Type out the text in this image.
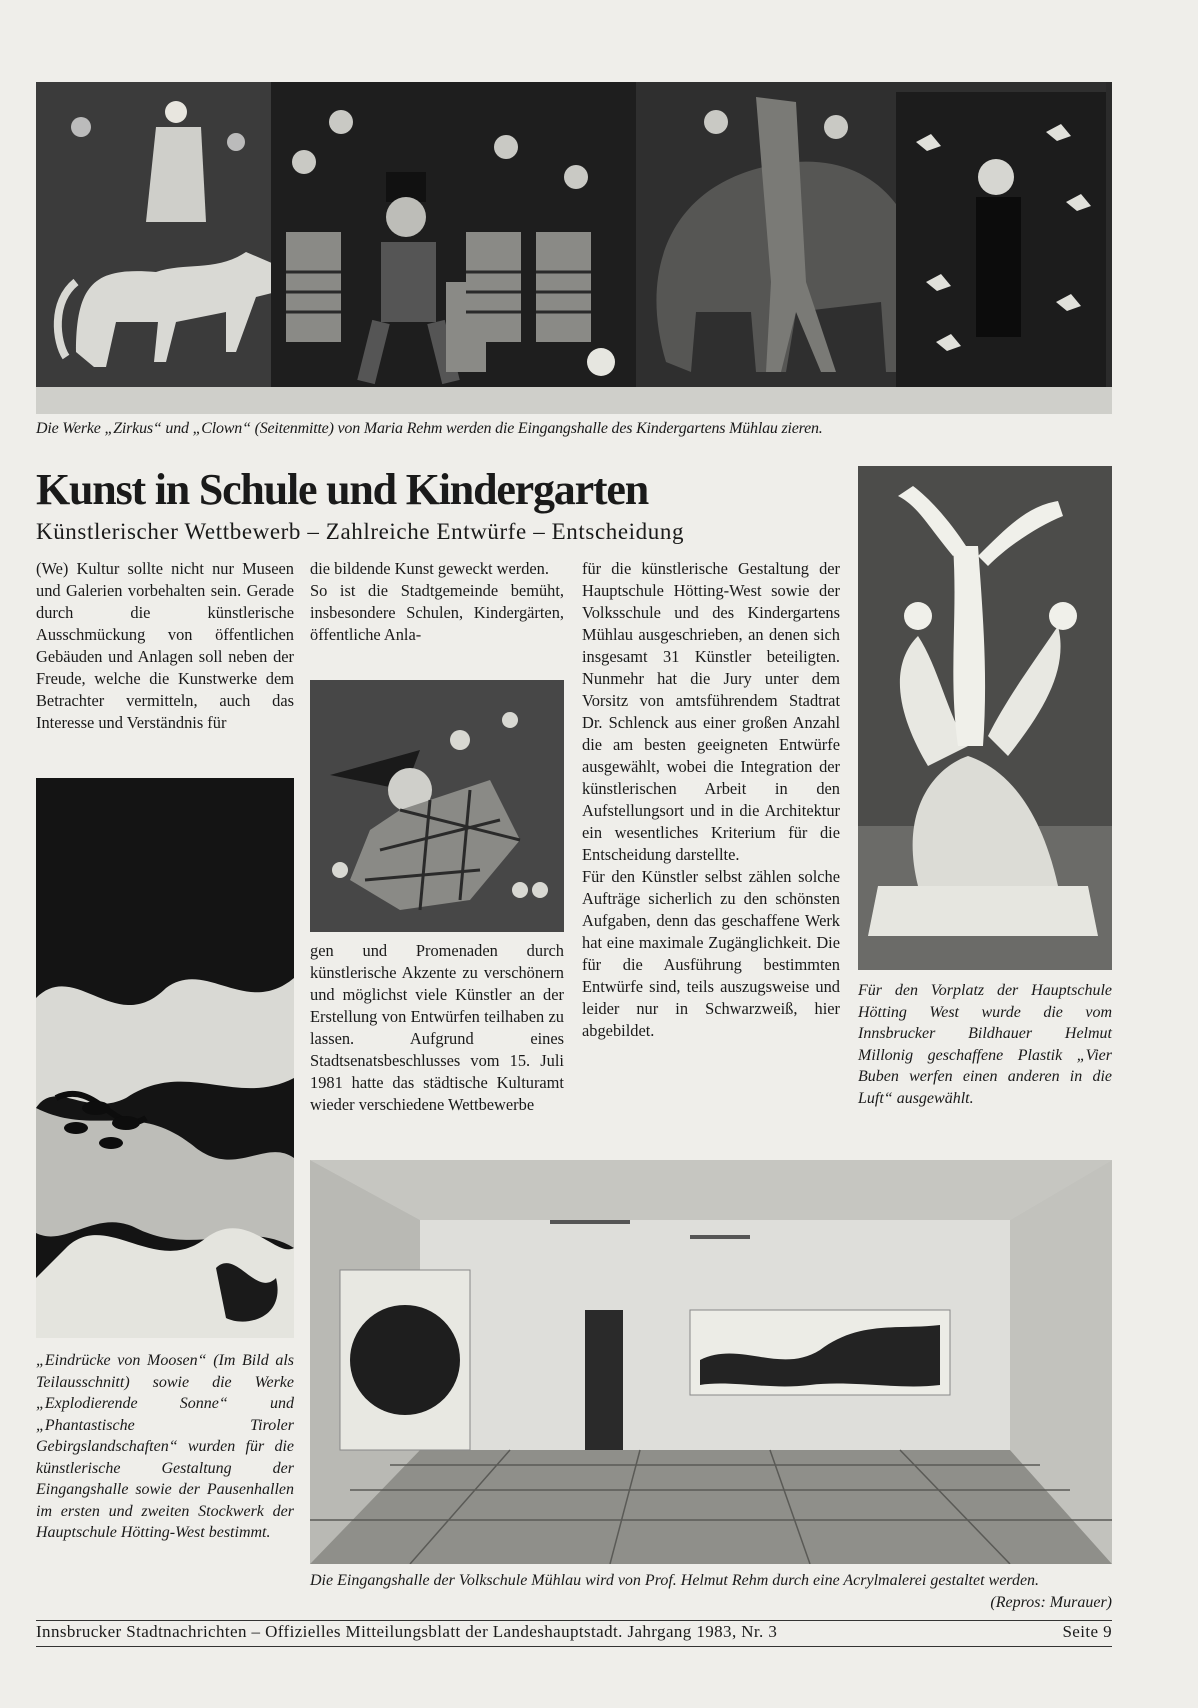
Die Werke „Zirkus“ und „Clown“ (Seitenmitte) von Maria Rehm werden die Eingangshalle des Kindergartens Mühlau zieren.
Kunst in Schule und Kindergarten
Künstlerischer Wettbewerb – Zahlreiche Entwürfe – Entscheidung

(We) Kultur sollte nicht nur Museen und Galerien vorbehalten sein. Gerade durch die künstlerische Ausschmückung von öffentlichen Gebäuden und Anlagen soll neben der Freude, welche die Kunstwerke dem Betrachter vermitteln, auch das Interesse und Verständnis für

„Eindrücke von Moosen“ (Im Bild als Teilausschnitt) sowie die Werke „Explodierende Sonne“ und „Phantastische Tiroler Gebirgslandschaften“ wurden für die künstlerische Gestaltung der Eingangshalle sowie der Pausenhallen im ersten und zweiten Stockwerk der Hauptschule Hötting-West bestimmt.

die bildende Kunst geweckt werden.

So ist die Stadtgemeinde bemüht, insbesondere Schulen, Kindergärten, öffentliche Anla-

gen und Promenaden durch künstlerische Akzente zu verschönern und möglichst viele Künstler an der Erstellung von Entwürfen teilhaben zu lassen. Aufgrund eines Stadtsenatsbeschlusses vom 15. Juli 1981 hatte das städtische Kulturamt wieder verschiedene Wettbewerbe

für die künstlerische Gestaltung der Hauptschule Hötting-West sowie der Volksschule und des Kindergartens Mühlau ausgeschrieben, an denen sich insgesamt 31 Künstler beteiligten. Nunmehr hat die Jury unter dem Vorsitz von amtsführendem Stadtrat Dr. Schlenck aus einer großen Anzahl die am besten geeigneten Entwürfe ausgewählt, wobei die Integration der künstlerischen Arbeit in den Aufstellungsort und in die Architektur ein wesentliches Kriterium für die Entscheidung darstellte.

Für den Künstler selbst zählen solche Aufträge sicherlich zu den schönsten Aufgaben, denn das geschaffene Werk hat eine maximale Zugänglichkeit. Die für die Ausführung bestimmten Entwürfe sind, teils auszugsweise und leider nur in Schwarzweiß, hier abgebildet.

Für den Vorplatz der Hauptschule Hötting West wurde die vom Innsbrucker Bildhauer Helmut Millonig geschaffene Plastik „Vier Buben werfen einen anderen in die Luft“ ausgewählt.
Die Eingangshalle der Volkschule Mühlau wird von Prof. Helmut Rehm durch eine Acrylmalerei gestaltet werden.
(Repros: Murauer)
Innsbrucker Stadtnachrichten – Offizielles Mitteilungsblatt der Landeshauptstadt. Jahrgang 1983, Nr. 3	Seite 9
